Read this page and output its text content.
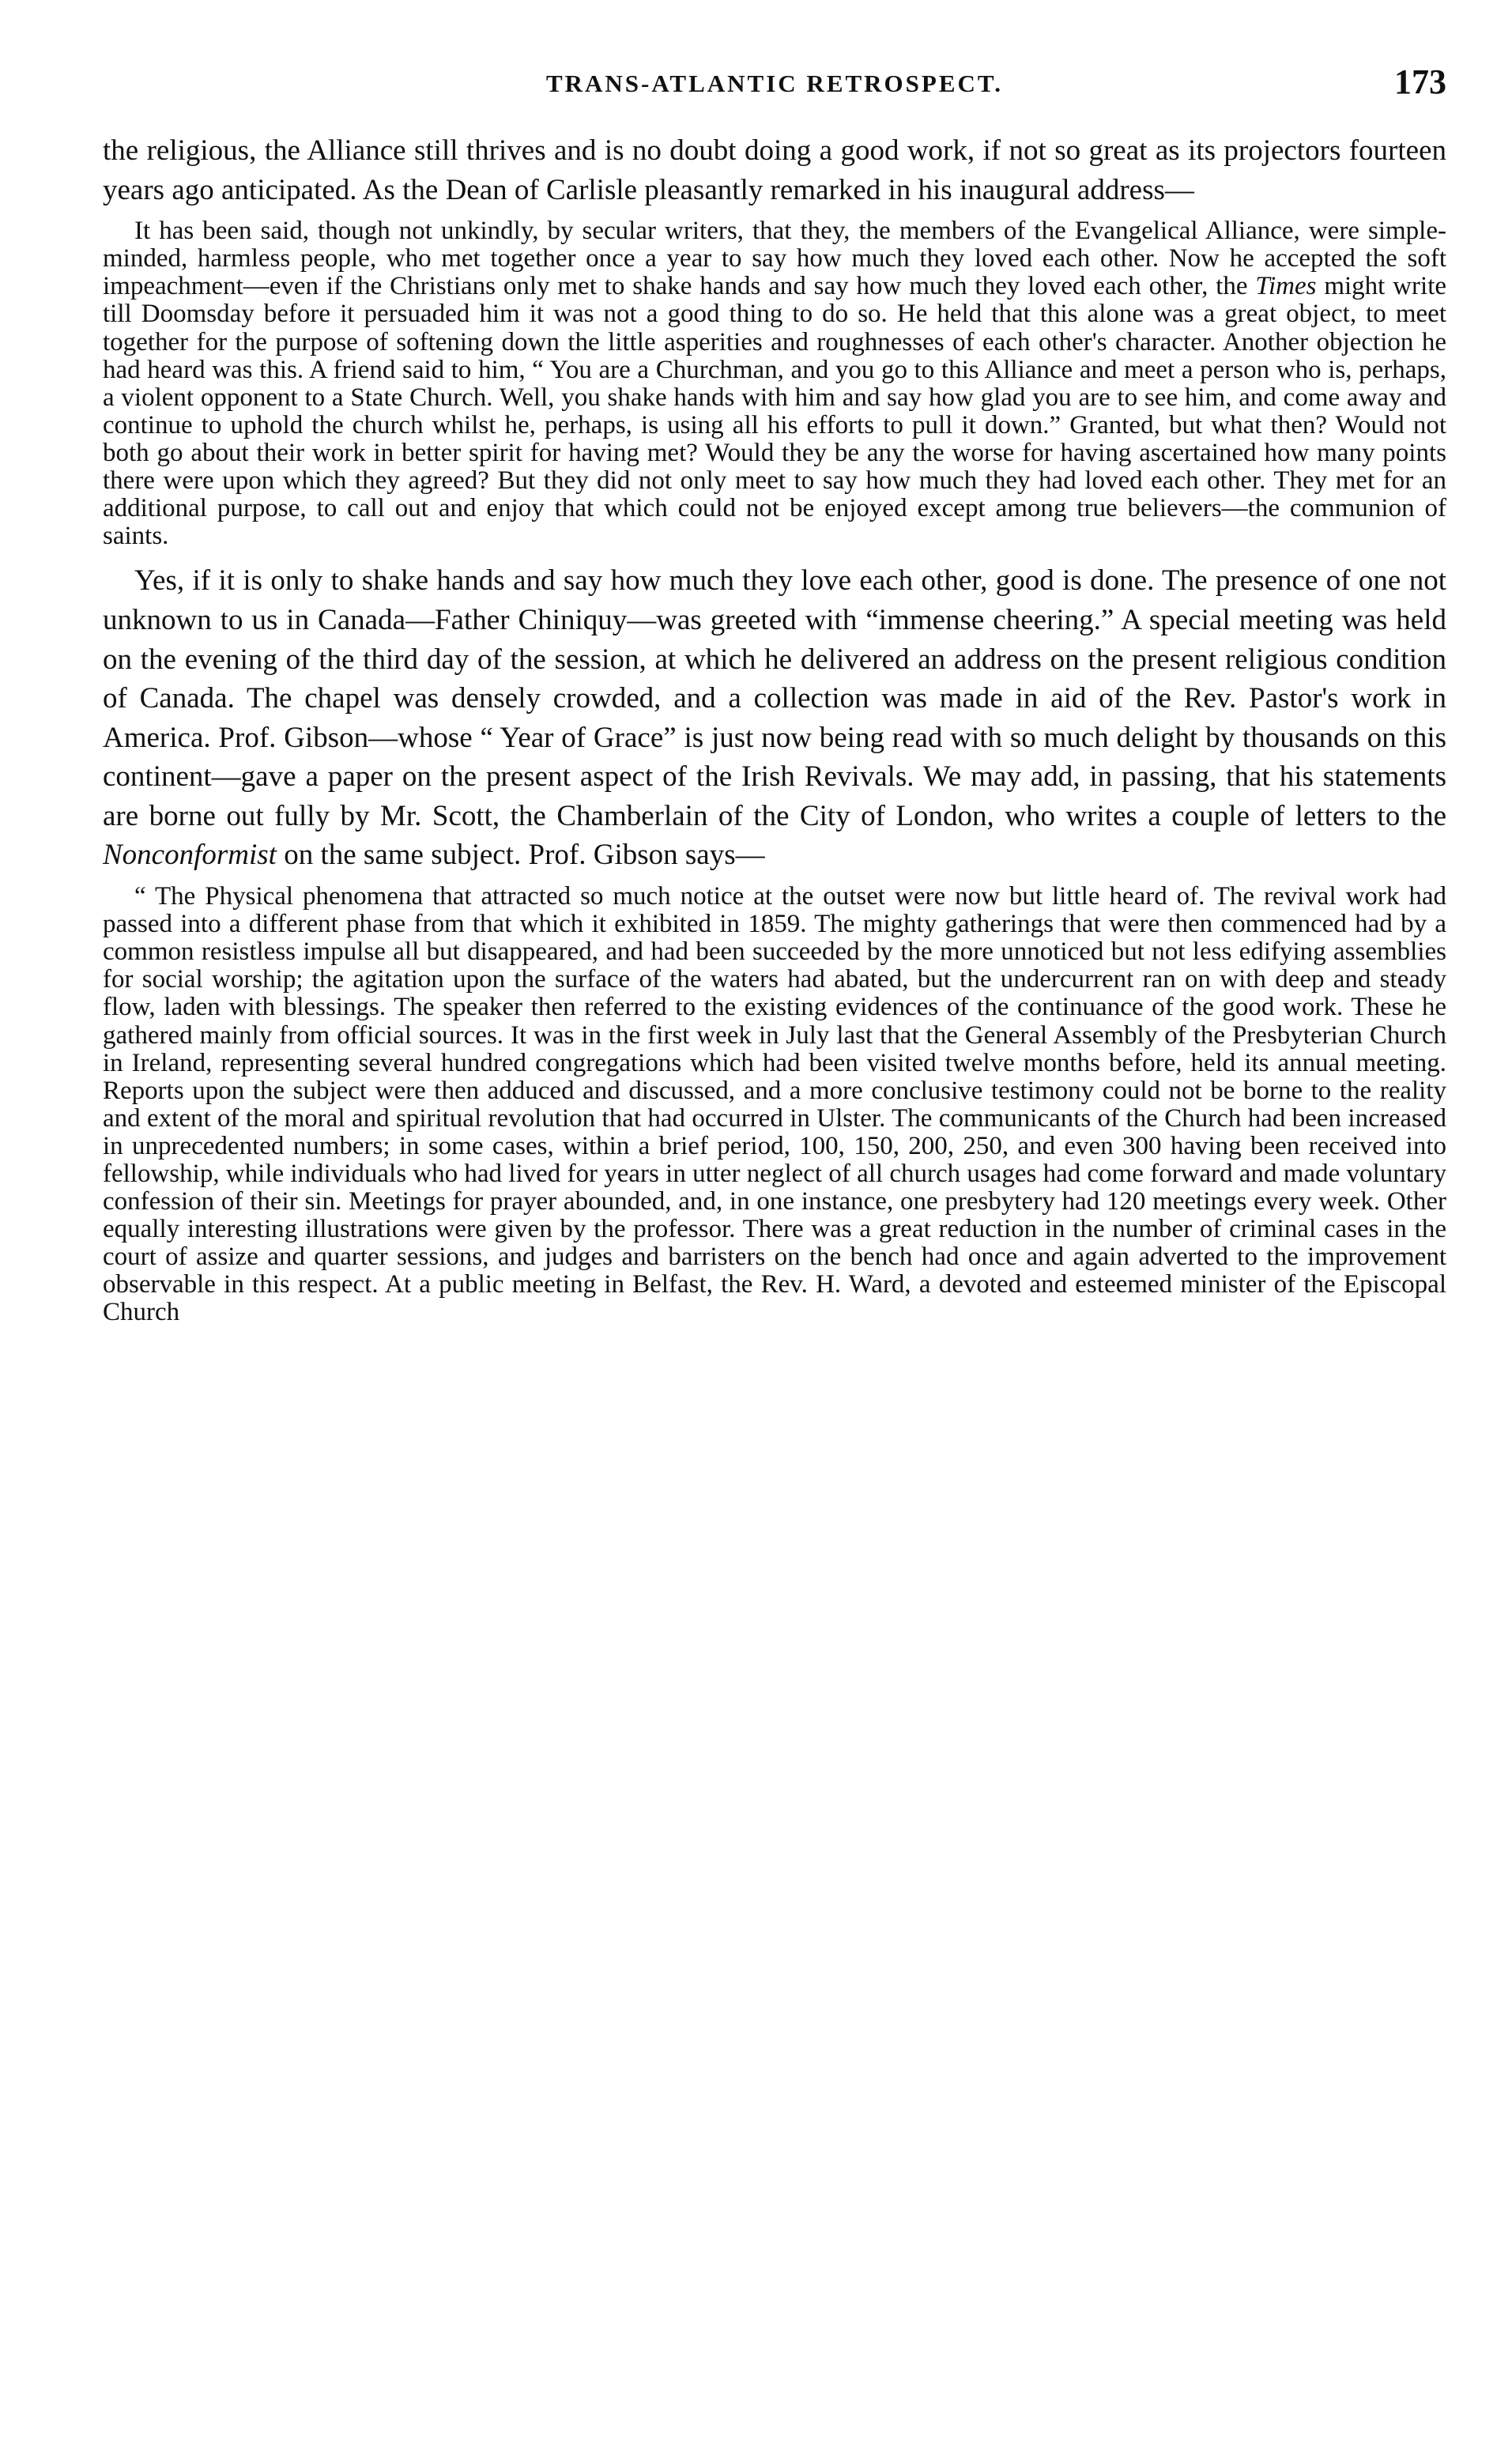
TRANS-ATLANTIC RETROSPECT.	173

the religious, the Alliance still thrives and is no doubt doing a good work, if not so great as its projectors fourteen years ago anticipated. As the Dean of Carlisle pleasantly remarked in his inaugural address—

It has been said, though not unkindly, by secular writers, that they, the members of the Evangelical Alliance, were simple-minded, harmless people, who met together once a year to say how much they loved each other. Now he accepted the soft impeachment—even if the Christians only met to shake hands and say how much they loved each other, the Times might write till Doomsday before it persuaded him it was not a good thing to do so. He held that this alone was a great object, to meet together for the purpose of softening down the little asperities and roughnesses of each other's character. Another objection he had heard was this. A friend said to him, “ You are a Churchman, and you go to this Alliance and meet a person who is, perhaps, a violent opponent to a State Church. Well, you shake hands with him and say how glad you are to see him, and come away and continue to uphold the church whilst he, perhaps, is using all his efforts to pull it down.” Granted, but what then? Would not both go about their work in better spirit for having met? Would they be any the worse for having ascertained how many points there were upon which they agreed? But they did not only meet to say how much they had loved each other. They met for an additional purpose, to call out and enjoy that which could not be enjoyed except among true believers—the communion of saints.

Yes, if it is only to shake hands and say how much they love each other, good is done. The presence of one not unknown to us in Canada—Father Chiniquy—was greeted with “immense cheering.” A special meeting was held on the evening of the third day of the session, at which he delivered an address on the present religious condition of Canada. The chapel was densely crowded, and a collection was made in aid of the Rev. Pastor's work in America. Prof. Gibson—whose “ Year of Grace” is just now being read with so much delight by thousands on this continent—gave a paper on the present aspect of the Irish Revivals. We may add, in passing, that his statements are borne out fully by Mr. Scott, the Chamberlain of the City of London, who writes a couple of letters to the Nonconformist on the same subject. Prof. Gibson says—

“ The Physical phenomena that attracted so much notice at the outset were now but little heard of. The revival work had passed into a different phase from that which it exhibited in 1859. The mighty gatherings that were then commenced had by a common resistless impulse all but disappeared, and had been succeeded by the more unnoticed but not less edifying assemblies for social worship; the agitation upon the surface of the waters had abated, but the undercurrent ran on with deep and steady flow, laden with blessings. The speaker then referred to the existing evidences of the continuance of the good work. These he gathered mainly from official sources. It was in the first week in July last that the General Assembly of the Presbyterian Church in Ireland, representing several hundred congregations which had been visited twelve months before, held its annual meeting. Reports upon the subject were then adduced and discussed, and a more conclusive testimony could not be borne to the reality and extent of the moral and spiritual revolution that had occurred in Ulster. The communicants of the Church had been increased in unprecedented numbers; in some cases, within a brief period, 100, 150, 200, 250, and even 300 having been received into fellowship, while individuals who had lived for years in utter neglect of all church usages had come forward and made voluntary confession of their sin. Meetings for prayer abounded, and, in one instance, one presbytery had 120 meetings every week. Other equally interesting illustrations were given by the professor. There was a great reduction in the number of criminal cases in the court of assize and quarter sessions, and judges and barristers on the bench had once and again adverted to the improvement observable in this respect. At a public meeting in Belfast, the Rev. H. Ward, a devoted and esteemed minister of the Episcopal Church
